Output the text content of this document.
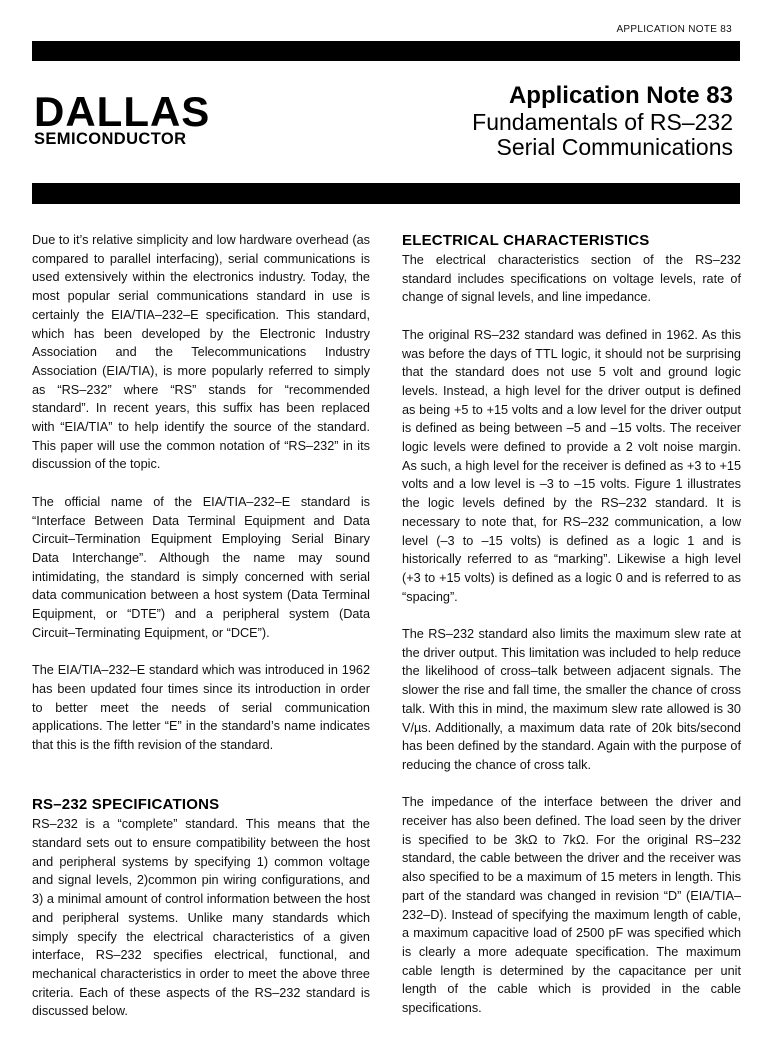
APPLICATION NOTE 83
DALLAS
SEMICONDUCTOR
Application Note 83
Fundamentals of RS–232
Serial Communications

Due to it’s relative simplicity and low hardware overhead (as compared to parallel interfacing), serial communications is used extensively within the electronics industry. Today, the most popular serial communications standard in use is certainly the EIA/TIA–232–E specification. This standard, which has been developed by the Electronic Industry Association and the Telecommunications Industry Association (EIA/TIA), is more popularly referred to simply as “RS–232” where “RS” stands for “recommended standard”. In recent years, this suffix has been replaced with “EIA/TIA” to help identify the source of the standard. This paper will use the common notation of “RS–232” in its discussion of the topic.

The official name of the EIA/TIA–232–E standard is “Interface Between Data Terminal Equipment and Data Circuit–Termination Equipment Employing Serial Binary Data Interchange”. Although the name may sound intimidating, the standard is simply concerned with serial data communication between a host system (Data Terminal Equipment, or “DTE”) and a peripheral system (Data Circuit–Terminating Equipment, or “DCE”).

The EIA/TIA–232–E standard which was introduced in 1962 has been updated four times since its introduction in order to better meet the needs of serial communication applications. The letter “E” in the standard’s name indicates that this is the fifth revision of the standard.

RS–232 SPECIFICATIONS

RS–232 is a “complete” standard. This means that the standard sets out to ensure compatibility between the host and peripheral systems by specifying 1) common voltage and signal levels, 2)common pin wiring configurations, and 3) a minimal amount of control information between the host and peripheral systems. Unlike many standards which simply specify the electrical characteristics of a given interface, RS–232 specifies electrical, functional, and mechanical characteristics in order to meet the above three criteria. Each of these aspects of the RS–232 standard is discussed below.

ELECTRICAL CHARACTERISTICS

The electrical characteristics section of the RS–232 standard includes specifications on voltage levels, rate of change of signal levels, and line impedance.

The original RS–232 standard was defined in 1962. As this was before the days of TTL logic, it should not be surprising that the standard does not use 5 volt and ground logic levels. Instead, a high level for the driver output is defined as being +5 to +15 volts and a low level for the driver output is defined as being between –5 and –15 volts. The receiver logic levels were defined to provide a 2 volt noise margin. As such, a high level for the receiver is defined as +3 to +15 volts and a low level is –3 to –15 volts. Figure 1 illustrates the logic levels defined by the RS–232 standard. It is necessary to note that, for RS–232 communication, a low level (–3 to –15 volts) is defined as a logic 1 and is historically referred to as “marking”. Likewise a high level (+3 to +15 volts) is defined as a logic 0 and is referred to as “spacing”.

The RS–232 standard also limits the maximum slew rate at the driver output. This limitation was included to help reduce the likelihood of cross–talk between adjacent signals. The slower the rise and fall time, the smaller the chance of cross talk. With this in mind, the maximum slew rate allowed is 30 V/µs. Additionally, a maximum data rate of 20k bits/second has been defined by the standard. Again with the purpose of reducing the chance of cross talk.

The impedance of the interface between the driver and receiver has also been defined. The load seen by the driver is specified to be 3kΩ to 7kΩ. For the original RS–232 standard, the cable between the driver and the receiver was also specified to be a maximum of 15 meters in length. This part of the standard was changed in revision “D” (EIA/TIA–232–D). Instead of specifying the maximum length of cable, a maximum capacitive load of 2500 pF was specified which is clearly a more adequate specification. The maximum cable length is determined by the capacitance per unit length of the cable which is provided in the cable specifications.
